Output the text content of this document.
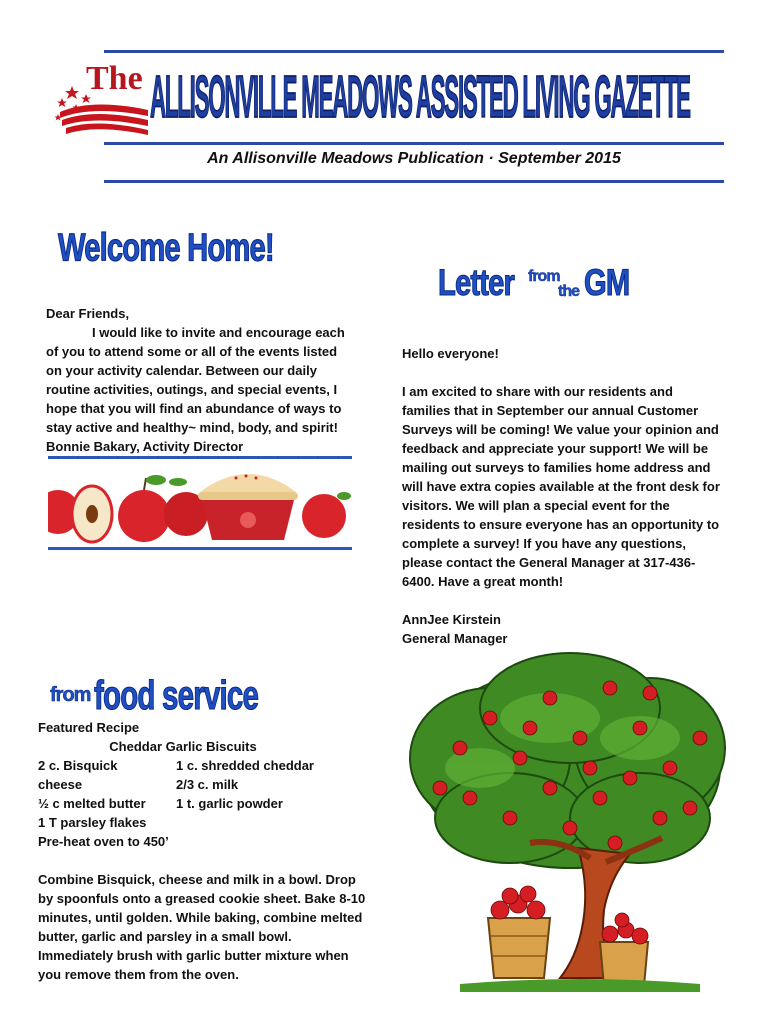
The ALLISONVILLE MEADOWS ASSISTED LIVING GAZETTE
An Allisonville Meadows Publication · September 2015
Welcome Home!

Dear Friends,

I would like to invite and encourage each of you to attend some or all of the events listed on your activity calendar. Between our daily routine activities, outings, and special events, I hope that you will find an abundance of ways to stay active and healthy~ mind, body, and spirit!

Bonnie Bakary, Activity Director

Letter from
the GM

Hello everyone!

I am excited to share with our residents and families that in September our annual Customer Surveys will be coming! We value your opinion and feedback and appreciate your support! We will be mailing out surveys to families home address and will have extra copies available at the front desk for visitors. We will plan a special event for the residents to ensure everyone has an opportunity to complete a survey! If you have any questions, please contact the General Manager at 317-436-6400. Have a great month!

AnnJee Kirstein

General Manager

from food service

Featured Recipe

Cheddar Garlic Biscuits

2 c. Bisquick	1 c. shredded cheddar
cheese	2/3 c. milk
½ c melted butter	1 t. garlic powder

1 T parsley flakes

Pre-heat oven to 450’

Combine Bisquick, cheese and milk in a bowl. Drop by spoonfuls onto a greased cookie sheet. Bake 8-10 minutes, until golden. While baking, combine melted butter, garlic and parsley in a small bowl. Immediately brush with garlic butter mixture when you remove them from the oven.
